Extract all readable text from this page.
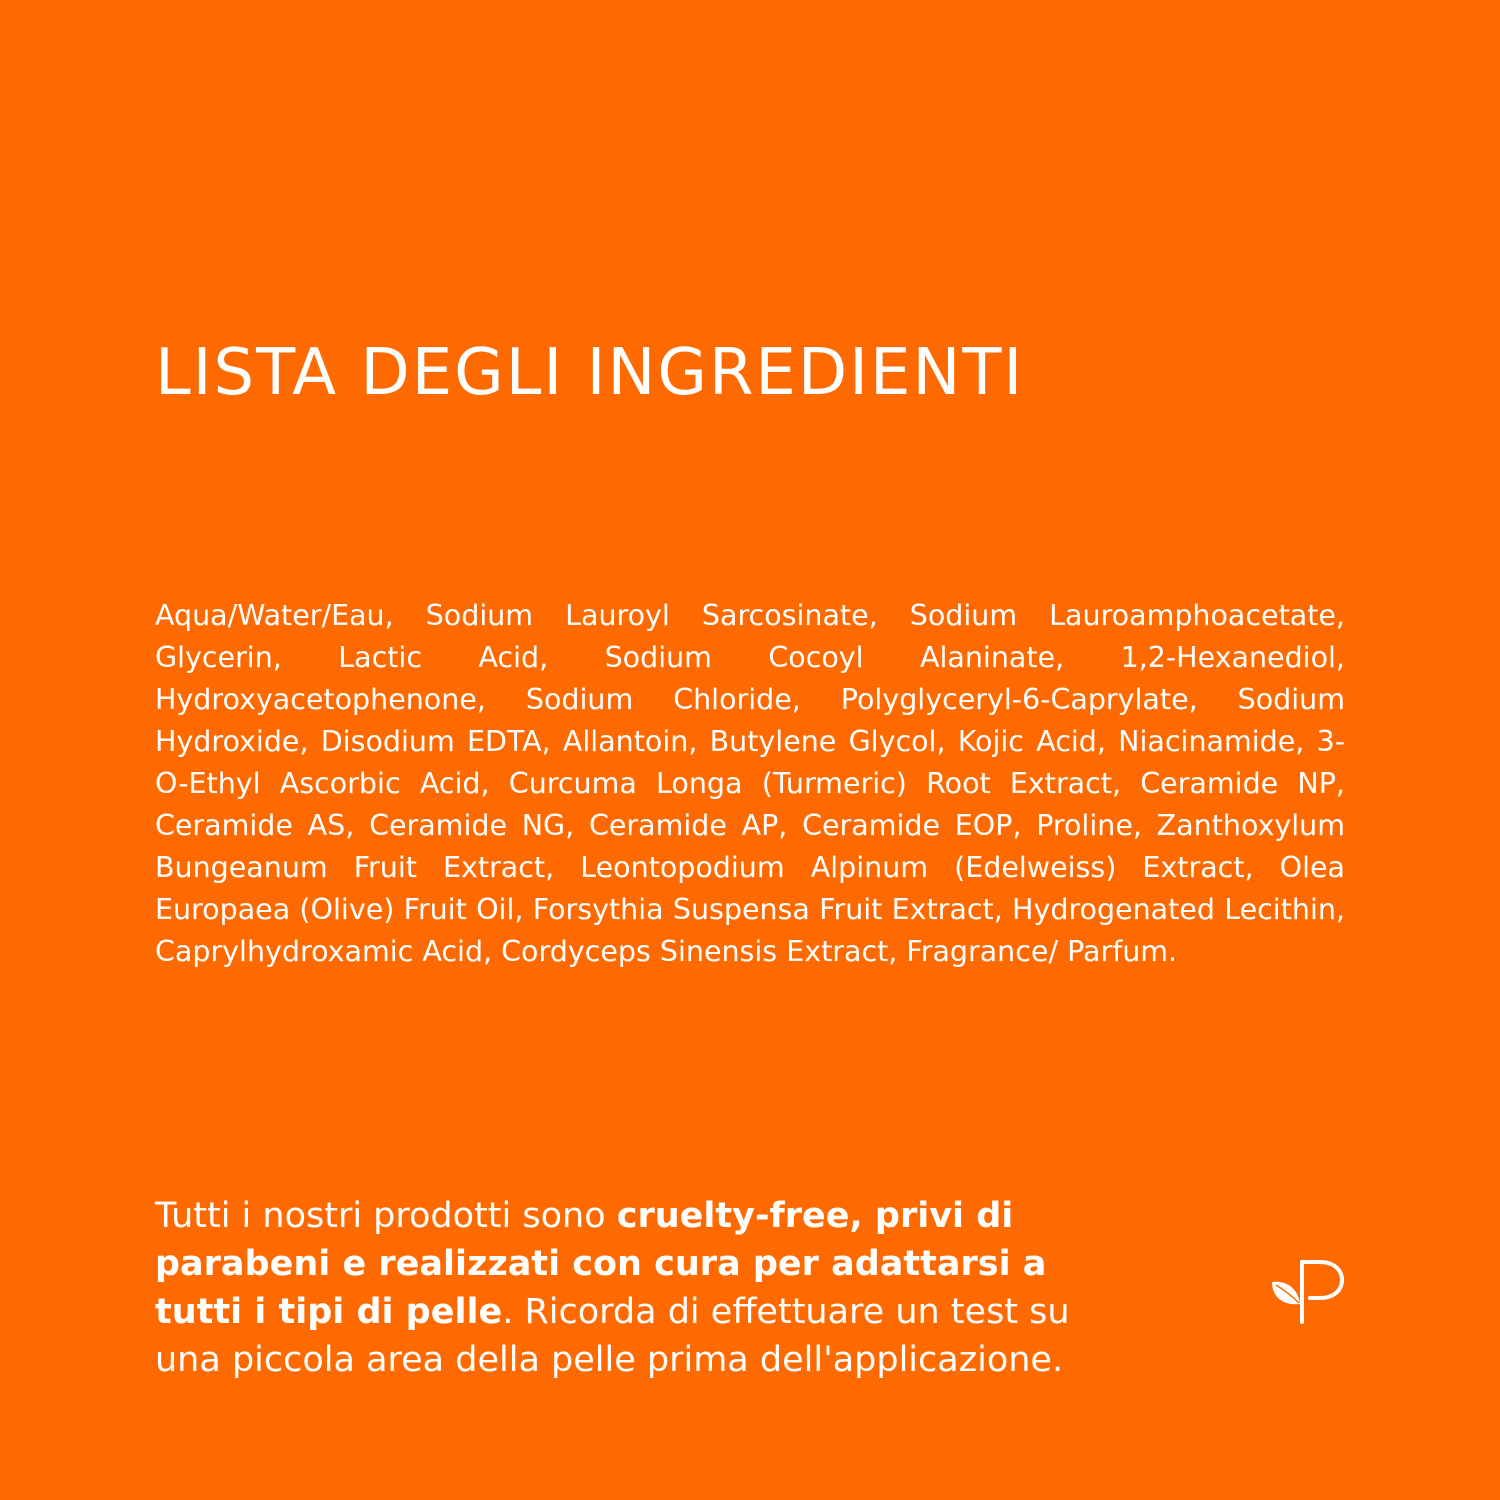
LISTA DEGLI INGREDIENTI

Aqua/Water/Eau, Sodium Lauroyl Sarcosinate, Sodium Lauroamphoacetate, Glycerin, Lactic Acid, Sodium Cocoyl Alaninate, 1,2-Hexanediol, Hydroxyacetophenone, Sodium Chloride, Polyglyceryl-6-Caprylate, Sodium Hydroxide, Disodium EDTA, Allantoin, Butylene Glycol, Kojic Acid, Niacinamide, 3-O-Ethyl Ascorbic Acid, Curcuma Longa (Turmeric) Root Extract, Ceramide NP, Ceramide AS, Ceramide NG, Ceramide AP, Ceramide EOP, Proline, Zanthoxylum Bungeanum Fruit Extract, Leontopodium Alpinum (Edelweiss) Extract, Olea Europaea (Olive) Fruit Oil, Forsythia Suspensa Fruit Extract, Hydrogenated Lecithin, Caprylhydroxamic Acid, Cordyceps Sinensis Extract, Fragrance/ Parfum.

Tutti i nostri prodotti sono cruelty-free, privi di parabeni e realizzati con cura per adattarsi a tutti i tipi di pelle. Ricorda di effettuare un test su una piccola area della pelle prima dell'applicazione.
